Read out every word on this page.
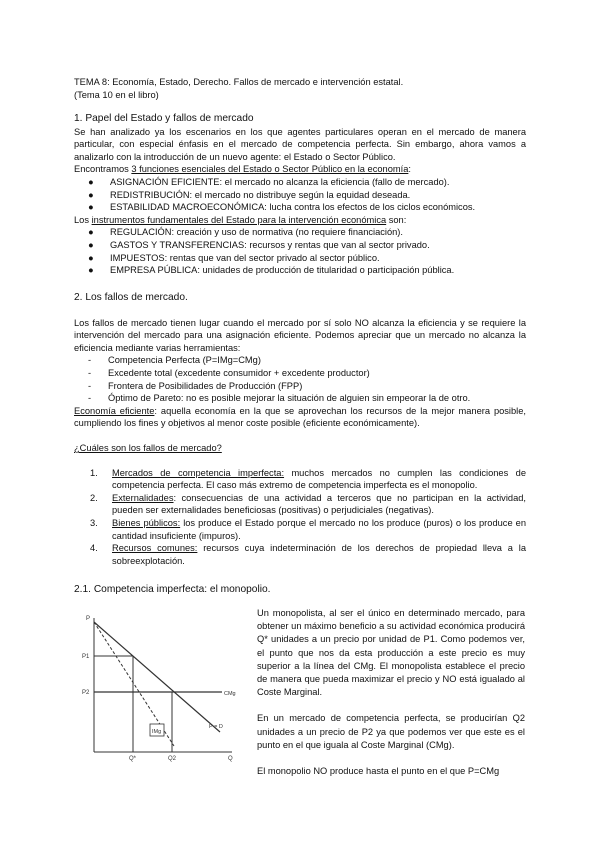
TEMA 8: Economía, Estado, Derecho. Fallos de mercado e intervención estatal.

(Tema 10 en el libro)

1. Papel del Estado y fallos de mercado

Se han analizado ya los escenarios en los que agentes particulares operan en el mercado de manera particular, con especial énfasis en el mercado de competencia perfecta. Sin embargo, ahora vamos a analizarlo con la introducción de un nuevo agente: el Estado o Sector Público.

Encontramos 3 funciones esenciales del Estado o Sector Público en la economía:

●	ASIGNACIÓN EFICIENTE: el mercado no alcanza la eficiencia (fallo de mercado).
●	REDISTRIBUCIÓN: el mercado no distribuye según la equidad deseada.
●	ESTABILIDAD MACROECONÓMICA: lucha contra los efectos de los ciclos económicos.

Los instrumentos fundamentales del Estado para la intervención económica son:

●	REGULACIÓN: creación y uso de normativa (no requiere financiación).
●	GASTOS Y TRANSFERENCIAS: recursos y rentas que van al sector privado.
●	IMPUESTOS: rentas que van del sector privado al sector público.
●	EMPRESA PÚBLICA: unidades de producción de titularidad o participación pública.

2. Los fallos de mercado.

Los fallos de mercado tienen lugar cuando el mercado por sí solo NO alcanza la eficiencia y se requiere la intervención del mercado para una asignación eficiente. Podemos apreciar que un mercado no alcanza la eficiencia mediante varias herramientas:

-	Competencia Perfecta (P=IMg=CMg)
-	Excedente total (excedente consumidor + excedente productor)
-	Frontera de Posibilidades de Producción (FPP)
-	Óptimo de Pareto: no es posible mejorar la situación de alguien sin empeorar la de otro.

Economía eficiente: aquella economía en la que se aprovechan los recursos de la mejor manera posible, cumpliendo los fines y objetivos al menor coste posible (eficiente económicamente).

¿Cuáles son los fallos de mercado?

1.	Mercados de competencia imperfecta: muchos mercados no cumplen las condiciones de competencia perfecta. El caso más extremo de competencia imperfecta es el monopolio.
2.	Externalidades: consecuencias de una actividad a terceros que no participan en la actividad, pueden ser externalidades beneficiosas (positivas) o perjudiciales (negativas).
3.	Bienes públicos: los produce el Estado porque el mercado no los produce (puros) o los produce en cantidad insuficiente (impuros).
4.	Recursos comunes: recursos cuya indeterminación de los derechos de propiedad lleva a la sobreexplotación.

2.1. Competencia imperfecta: el monopolio.

P
P1
P2	CMg
P = D
IMg
Q*	Q2	Q

Un monopolista, al ser el único en determinado mercado, para obtener un máximo beneficio a su actividad económica producirá Q* unidades a un precio por unidad de P1. Como podemos ver, el punto que nos da esta producción a este precio es muy superior a la línea del CMg. El monopolista establece el precio de manera que pueda maximizar el precio y NO está igualado al Coste Marginal.

En un mercado de competencia perfecta, se producirían Q2 unidades a un precio de P2 ya que podemos ver que este es el punto en el que iguala al Coste Marginal (CMg).

El monopolio NO produce hasta el punto en el que P=CMg
